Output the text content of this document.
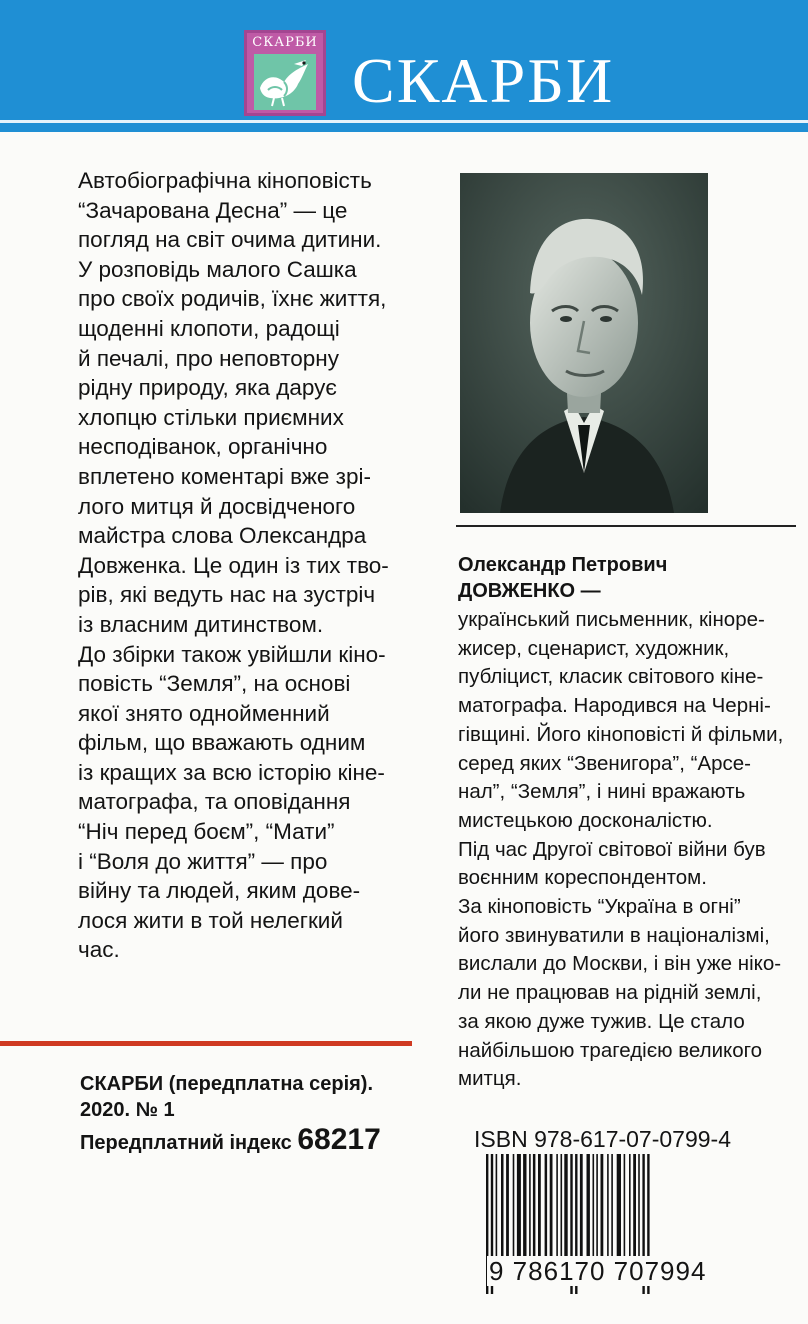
СКАРБИ
СКАРБИ
Автобіографічна кіноповість
“Зачарована Десна” — це
погляд на світ очима дитини.
У розповідь малого Сашка
про своїх родичів, їхнє життя,
щоденні клопоти, радощі
й печалі, про неповторну
рідну природу, яка дарує
хлопцю стільки приємних
несподіванок, органічно
вплетено коментарі вже зрі-
лого митця й досвідченого
майстра слова Олександра
Довженка. Це один із тих тво-
рів, які ведуть нас на зустріч
із власним дитинством.
До збірки також увійшли кіно-
повість “Земля”, на основі
якої знято однойменний
фільм, що вважають одним
із кращих за всю історію кіне-
матографа, та оповідання
“Ніч перед боєм”, “Мати”
і “Воля до життя” — про
війну та людей, яким дове-
лося жити в той нелегкий
час.
Олександр Петрович
ДОВЖЕНКО —
український письменник, кіноре-
жисер, сценарист, художник,
публіцист, класик світового кіне-
матографа. Народився на Черні-
гівщині. Його кіноповісті й фільми,
серед яких “Звенигора”, “Арсе-
нал”, “Земля”, і нині вражають
мистецькою досконалістю.
Під час Другої світової війни був
воєнним кореспондентом.
За кіноповість “Україна в огні”
його звинуватили в націоналізмі,
вислали до Москви, і він уже ніко-
ли не працював на рідній землі,
за якою дуже тужив. Це стало
найбільшою трагедією великого
митця.
СКАРБИ (передплатна серія).
2020. № 1
Передплатний індекс 68217	ISBN 978-617-07-0799-4
9 786170 707994
